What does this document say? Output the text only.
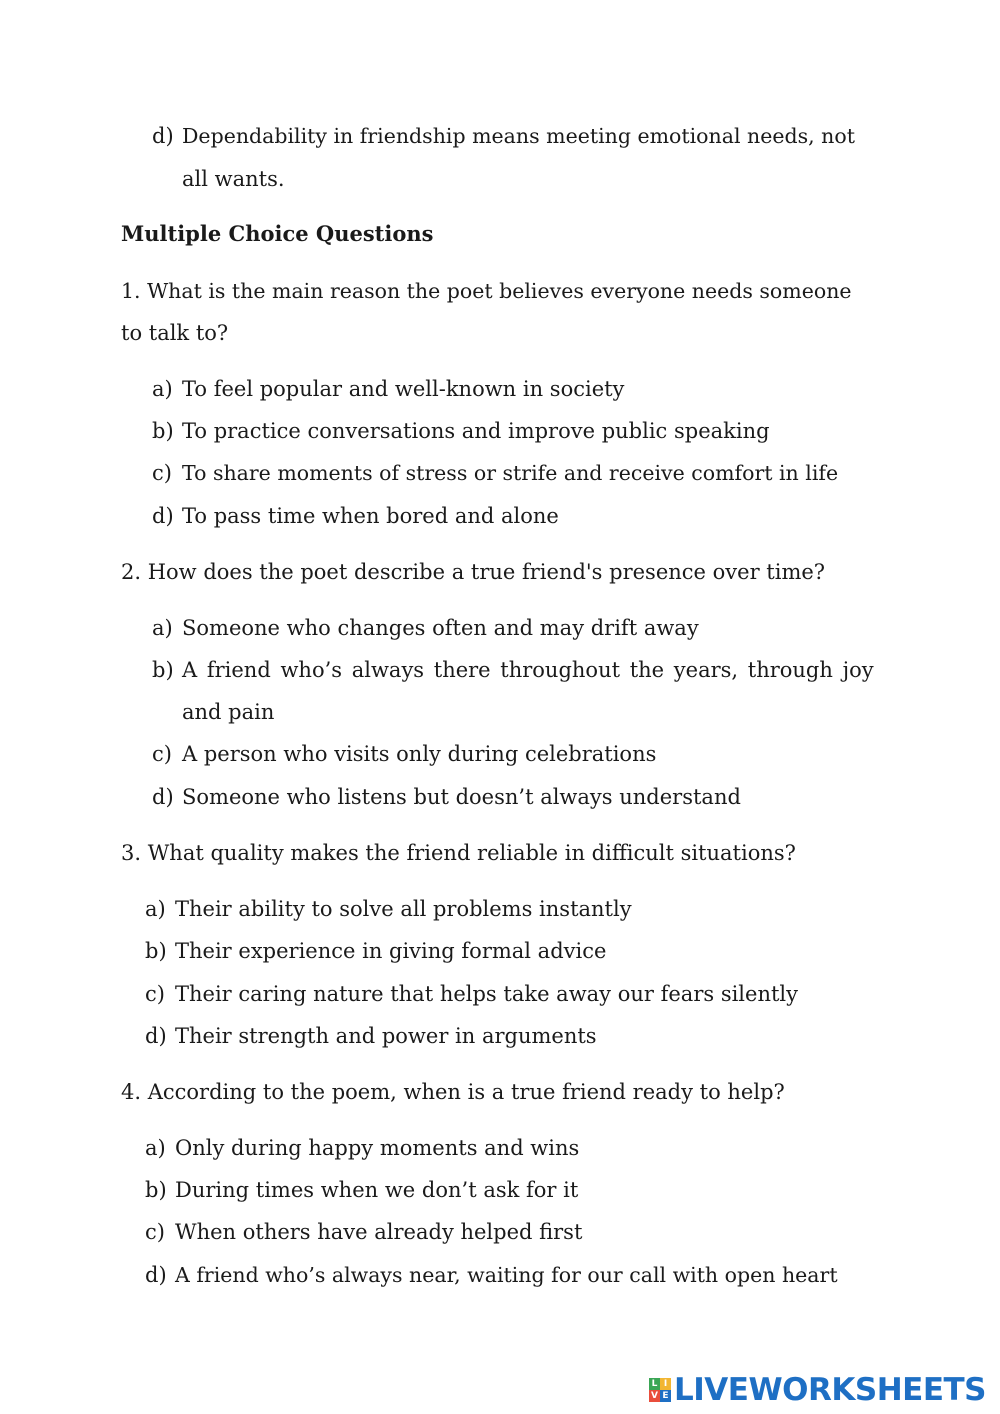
d) Dependability in friendship means meeting emotional needs, not
all wants.
Multiple Choice Questions
1. What is the main reason the poet believes everyone needs someone
to talk to?
a) To feel popular and well-known in society
b) To practice conversations and improve public speaking
c) To share moments of stress or strife and receive comfort in life
d) To pass time when bored and alone
2. How does the poet describe a true friend's presence over time?
a) Someone who changes often and may drift away
b) A friend who’s always there throughout the years, through joy
and pain
c) A person who visits only during celebrations
d) Someone who listens but doesn’t always understand
3. What quality makes the friend reliable in difficult situations?
a) Their ability to solve all problems instantly
b) Their experience in giving formal advice
c) Their caring nature that helps take away our fears silently
d) Their strength and power in arguments
4. According to the poem, when is a true friend ready to help?
a) Only during happy moments and wins
b) During times when we don’t ask for it
c) When others have already helped first
d) A friend who’s always near, waiting for our call with open heart
L I
V E LIVEWORKSHEETS
